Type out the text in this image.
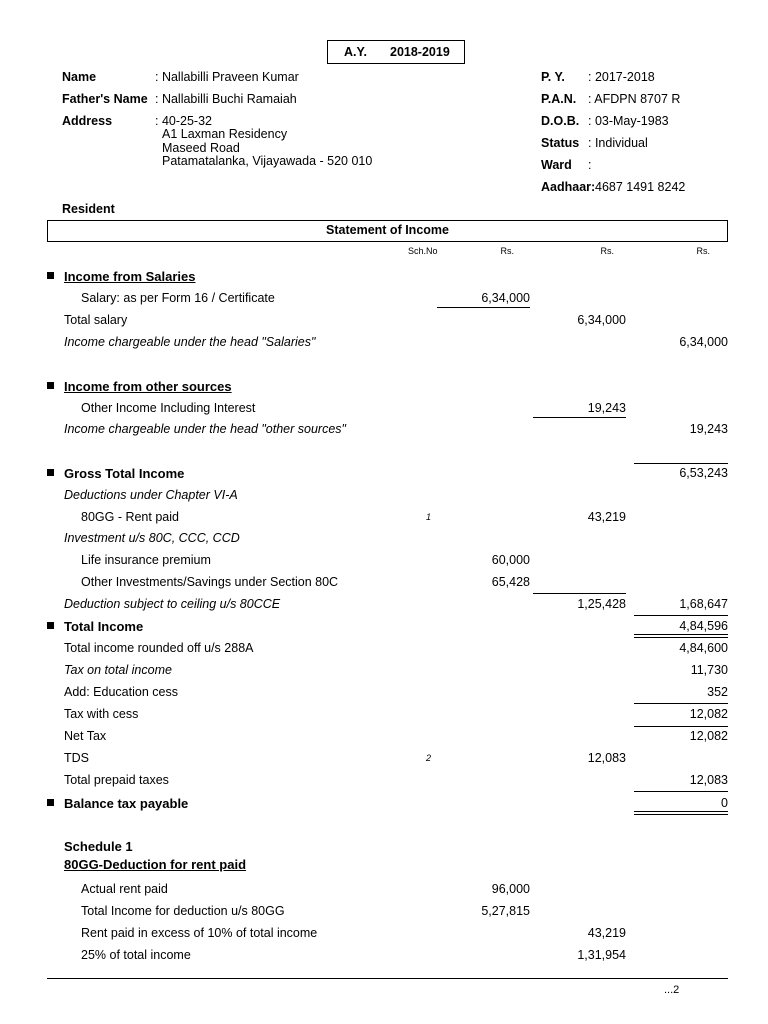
A.Y. 2018-2019
Name	: Nallabilli Praveen Kumar
Father's Name : Nallabilli Buchi Ramaiah
Address	: 40-25-32
A1 Laxman Residency
Maseed Road
Patamatalanka, Vijayawada - 520 010
P. Y. : 2017-2018
P.A.N. : AFDPN 8707 R
D.O.B. : 03-May-1983
Status : Individual
Ward :
Aadhaar: 4687 1491 8242
Resident
Statement of Income
Sch.No	Rs.	Rs.	Rs.
Income from Salaries
Salary: as per Form 16 / Certificate	6,34,000
Total salary	6,34,000
Income chargeable under the head "Salaries"	6,34,000
Income from other sources
Other Income Including Interest	19,243
Income chargeable under the head "other sources"	19,243
Gross Total Income	6,53,243
Deductions under Chapter VI-A
80GG - Rent paid	1	43,219
Investment u/s 80C, CCC, CCD
Life insurance premium	60,000
Other Investments/Savings under Section 80C	65,428
Deduction subject to ceiling u/s 80CCE	1,25,428	1,68,647
Total Income	4,84,596
Total income rounded off u/s 288A	4,84,600
Tax on total income	11,730
Add: Education cess	352
Tax with cess	12,082
Net Tax	12,082
TDS	2	12,083
Total prepaid taxes	12,083
Balance tax payable	0
Schedule 1
80GG-Deduction for rent paid
Actual rent paid	96,000
Total Income for deduction u/s 80GG	5,27,815
Rent paid in excess of 10% of total income	43,219
25% of total income	1,31,954
...2
